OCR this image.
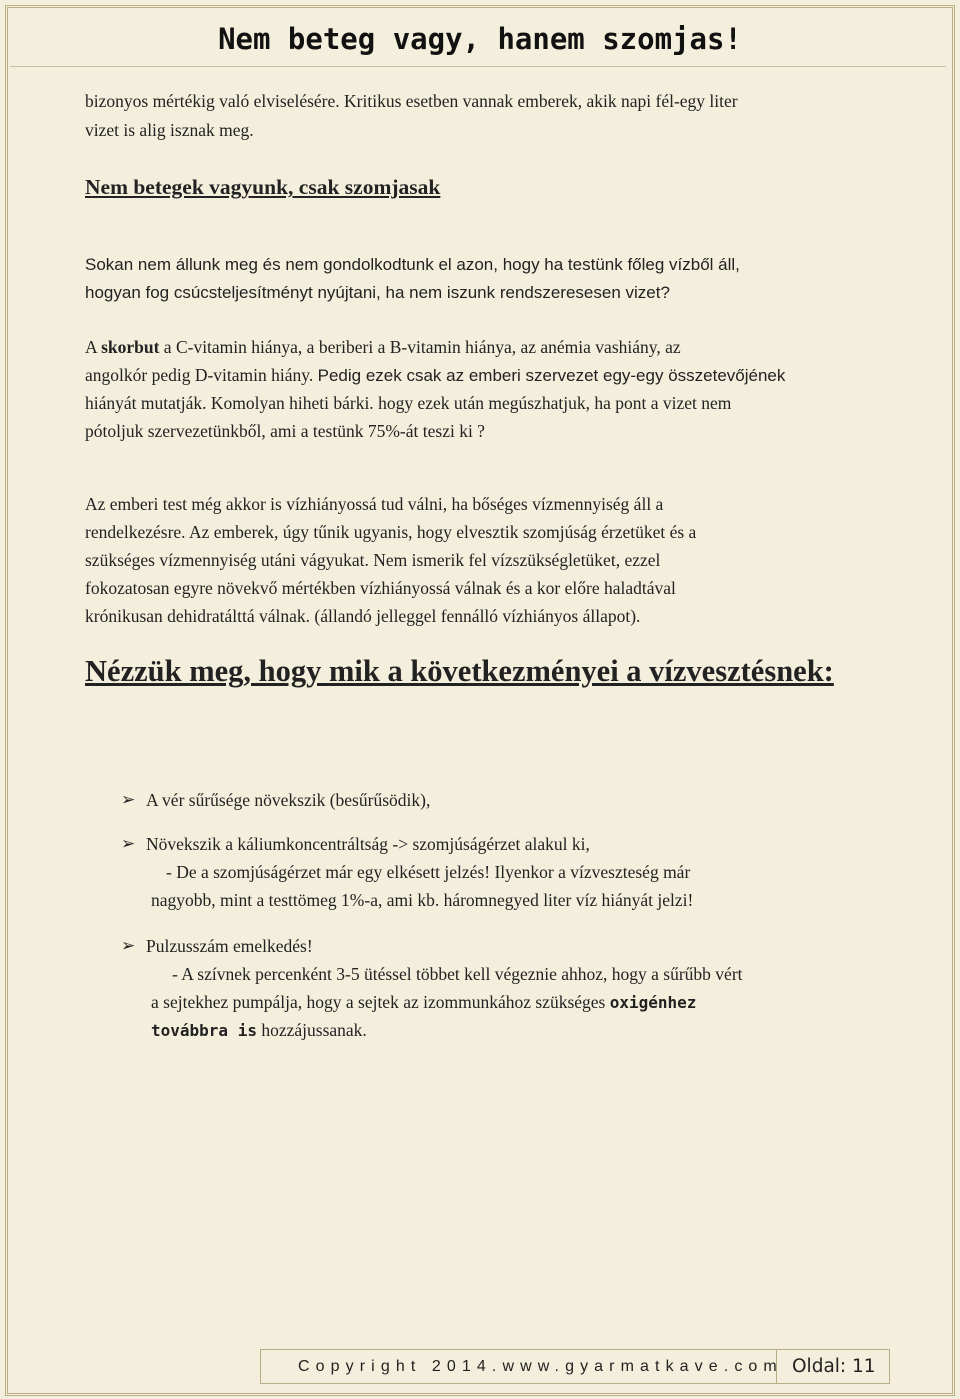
Nem beteg vagy, hanem szomjas!

bizonyos mértékig való elviselésére. Kritikus esetben vannak emberek, akik napi fél-egy liter

vizet is alig isznak meg.

Nem betegek vagyunk, csak szomjasak

Sokan nem állunk meg és nem gondolkodtunk el azon, hogy ha testünk főleg vízből áll,

hogyan fog csúcsteljesítményt nyújtani, ha nem iszunk rendszeresesen vizet?

A skorbut a C-vitamin hiánya, a beriberi a B-vitamin hiánya, az anémia vashiány, az

angolkór pedig D-vitamin hiány. Pedig ezek csak az emberi szervezet egy-egy összetevőjének

hiányát mutatják. Komolyan hiheti bárki. hogy ezek után megúszhatjuk, ha pont a vizet nem

pótoljuk szervezetünkből, ami a testünk 75%-át teszi ki ?

Az emberi test még akkor is vízhiányossá tud válni, ha bőséges vízmennyiség áll a

rendelkezésre. Az emberek, úgy tűnik ugyanis, hogy elvesztik szomjúság érzetüket és a

szükséges vízmennyiség utáni vágyukat. Nem ismerik fel vízszükségletüket, ezzel

fokozatosan egyre növekvő mértékben vízhiányossá válnak és a kor előre haladtával

krónikusan dehidratálttá válnak. (állandó jelleggel fennálló vízhiányos állapot).

Nézzük meg, hogy mik a következményei a vízvesztésnek:

➢ A vér sűrűsége növekszik (besűrűsödik),
➢ Növekszik a káliumkoncentráltság -> szomjúságérzet alakul ki,

- De a szomjúságérzet már egy elkésett jelzés! Ilyenkor a vízveszteség már

nagyobb, mint a testtömeg 1%-a, ami kb. háromnegyed liter víz hiányát jelzi!

➢ Pulzusszám emelkedés!

- A szívnek percenként 3-5 ütéssel többet kell végeznie ahhoz, hogy a sűrűbb vért

a sejtekhez pumpálja, hogy a sejtek az izommunkához szükséges oxigénhez

továbbra is hozzájussanak.

Copyright 2014.www.gyarmatkave.com Oldal: 11
